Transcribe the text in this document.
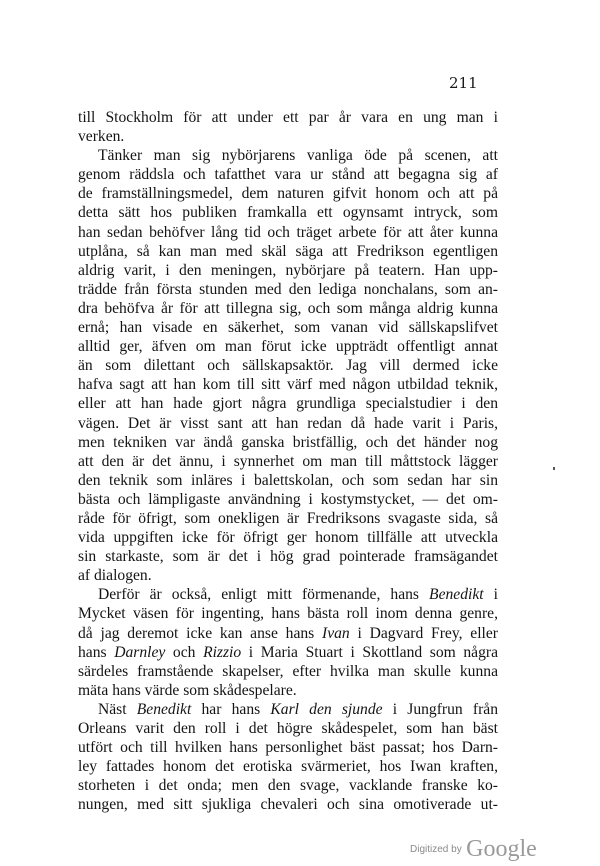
211
till Stockholm för att under ett par år vara en ung man i
verken.
Tänker man sig nybörjarens vanliga öde på scenen, att
genom räddsla och tafatthet vara ur stånd att begagna sig af
de framställningsmedel, dem naturen gifvit honom och att på
detta sätt hos publiken framkalla ett ogynsamt intryck, som
han sedan behöfver lång tid och träget arbete för att åter kunna
utplåna, så kan man med skäl säga att Fredrikson egentligen
aldrig varit, i den meningen, nybörjare på teatern. Han upp-
trädde från första stunden med den lediga nonchalans, som an-
dra behöfva år för att tillegna sig, och som många aldrig kunna
ernå; han visade en säkerhet, som vanan vid sällskapslifvet
alltid ger, äfven om man förut icke uppträdt offentligt annat
än som dilettant och sällskapsaktör. Jag vill dermed icke
hafva sagt att han kom till sitt värf med någon utbildad teknik,
eller att han hade gjort några grundliga specialstudier i den
vägen. Det är visst sant att han redan då hade varit i Paris,
men tekniken var ändå ganska bristfällig, och det händer nog
att den är det ännu, i synnerhet om man till måttstock lägger
den teknik som inläres i balettskolan, och som sedan har sin
bästa och lämpligaste användning i kostymstycket, — det om-
råde för öfrigt, som onekligen är Fredriksons svagaste sida, så
vida uppgiften icke för öfrigt ger honom tillfälle att utveckla
sin starkaste, som är det i hög grad pointerade framsägandet
af dialogen.
Derför är också, enligt mitt förmenande, hans Benedikt i
Mycket väsen för ingenting, hans bästa roll inom denna genre,
då jag deremot icke kan anse hans Ivan i Dagvard Frey, eller
hans Darnley och Rizzio i Maria Stuart i Skottland som några
särdeles framstående skapelser, efter hvilka man skulle kunna
mäta hans värde som skådespelare.
Näst Benedikt har hans Karl den sjunde i Jungfrun från
Orleans varit den roll i det högre skådespelet, som han bäst
utfört och till hvilken hans personlighet bäst passat; hos Darn-
ley fattades honom det erotiska svärmeriet, hos Iwan kraften,
storheten i det onda; men den svage, vacklande franske ko-
nungen, med sitt sjukliga chevaleri och sina omotiverade ut-
$^{Digitized by}$ Google
